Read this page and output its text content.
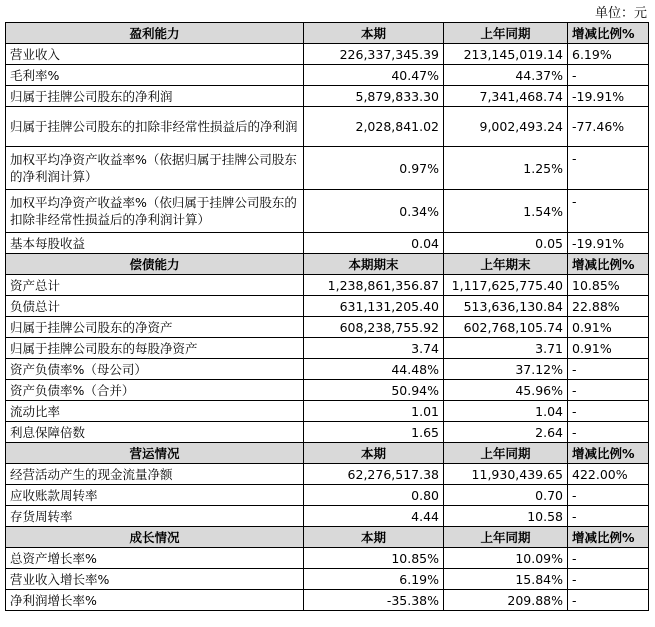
单位：元
盈利能力	本期	上年同期	增减比例%
营业收入	226,337,345.39	213,145,019.14	6.19%
毛利率%	40.47%	44.37%	-
归属于挂牌公司股东的净利润	5,879,833.30	7,341,468.74	-19.91%
归属于挂牌公司股东的扣除非经常性损益后的净利润	2,028,841.02	9,002,493.24	-77.46%
加权平均净资产收益率%（依据归属于挂牌公司股东的净利润计算）	0.97%	1.25%	-
加权平均净资产收益率%（依归属于挂牌公司股东的扣除非经常性损益后的净利润计算）	0.34%	1.54%	-
基本每股收益	0.04	0.05	-19.91%
偿债能力	本期期末	上年期末	增减比例%
资产总计	1,238,861,356.87	1,117,625,775.40	10.85%
负债总计	631,131,205.40	513,636,130.84	22.88%
归属于挂牌公司股东的净资产	608,238,755.92	602,768,105.74	0.91%
归属于挂牌公司股东的每股净资产	3.74	3.71	0.91%
资产负债率%（母公司）	44.48%	37.12%	-
资产负债率%（合并）	50.94%	45.96%	-
流动比率	1.01	1.04	-
利息保障倍数	1.65	2.64	-
营运情况	本期	上年同期	增减比例%
经营活动产生的现金流量净额	62,276,517.38	11,930,439.65	422.00%
应收账款周转率	0.80	0.70	-
存货周转率	4.44	10.58	-
成长情况	本期	上年同期	增减比例%
总资产增长率%	10.85%	10.09%	-
营业收入增长率%	6.19%	15.84%	-
净利润增长率%	-35.38%	209.88%	-
